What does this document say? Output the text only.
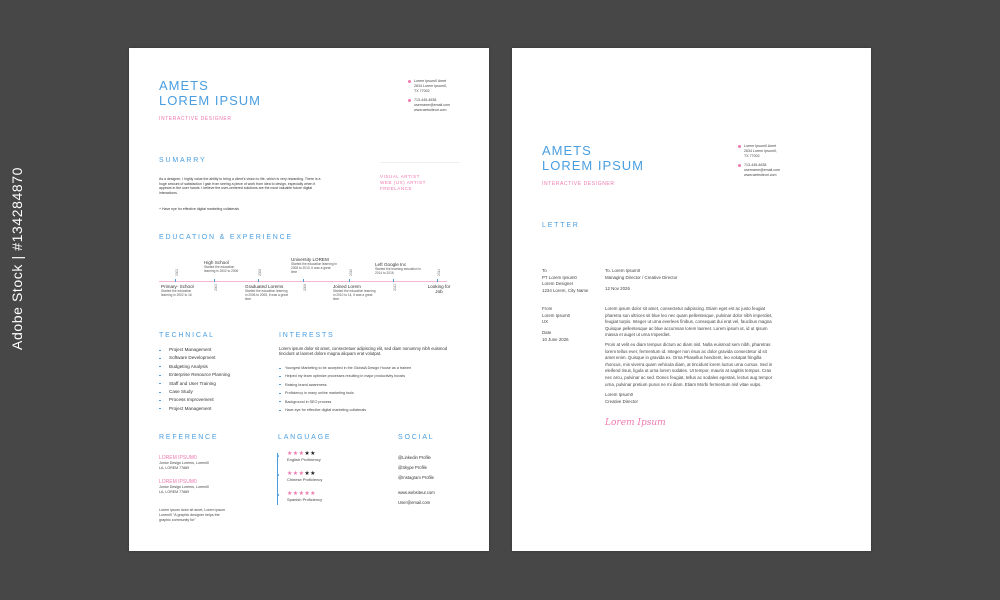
AMETS
LOREM IPSUM
INTERACTIVE DESIGNER
Lorem Ipsum0 Amet
2634 Lorem Ipsum0,
TX 77002
713-445-4638
username@email.com
www.websiteurl.com
SUMARRY
As a designer, I highly value the ability to bring a client's vision to life, which is very rewarding. There is a huge amount of satisfaction I gain from seeing a piece of work from idea to design, especially when it appears in the user hands. I believe the user-centered solutions are the most valuable future digital interactions.
+ Have eye for effective digital marketing collaterals
VISUAL ARTIST
WEB (UX) ARTIST
FREELANCE
EDUCATION & EXPERIENCE
High School
Started the education learning in 2002 to 2006
University LOREM
Started the education learning in 2008 to 2010, It was a great time
Left Google Inc
Started the learning education in 2014 to 2016
2002
2004
2006
2008
2010
2012
2014
Primary- School
Started the education learning in 2002 to 16
Graduated Lorems
Started the education learning in 2006 to 2008, It was a great time
Joined Lorem
Started the education learning in 2010 to 14, It was a great time
Looking for Job
TECHNICAL
Project Management
Software Development
Budgeting Analysis
Enterprise Resource Planning
Staff and User Training
Case Study
Process Improvement
Project Management
INTERESTS
Lorem ipsum dolor sit amet, consectetuer adipiscing elit, sed diam nonummy nibh euismod tincidunt ut laoreet dolore magna aliquam erat volutpat.
Youngest Marketing to be accepted in the GlobalA Design House as a trainee
Helped my team optimize processes resulting in major productivity boosts
Raising brand awareness
Proficiency in many online marketing tools
Background in SEO process
Have eye for effective digital marketing collaterals
REFERENCE
LOREM IPSUM0
Junior Design Lorems, Loremi0
LA, LOREM 77889
LOREM IPSUM0
Junior Design Lorems, Loremi0
LA, LOREM 77889
Lorem ipsum dolor sit amet, Lorem ipsum Loremi0 "A graphic designer helps the graphic community for"
LANGUAGE
★★★★★
English Proficiency
★★★★★
Chinese Proficiency
★★★★★
Spanish Proficiency
SOCIAL
@Linkedin Profile
@Skype Profile
@Instagram Profile
www.websiteur.com
User@email.com
AMETS
LOREM IPSUM
INTERACTIVE DESIGNER
Lorem Ipsum0 Amet
2634 Lorem Ipsum0,
TX 77002
713-445-4638
username@email.com
www.websiteurl.com
LETTER
To
PT Lorem Ipsum0
Lorem Designer
1234 Lorem, City Name
From
Lorem Ipsum0
UX
Date
10 June 2026
To. Lorem Ipsum0
Managing Director / Creative Director
12 Nov 2026
Lorem ipsum dolor sit amet, consectetur adipiscing. Etiam eget est ac justo feugiat pharetra sun ultrices sit blue leo nec quam pellentesque, pulvinar dolor nibh imperdiet, feugiat turpis. Integer ut urna everlees finibus, consequat dui erat vel, faucibus magna Quisque pellentesque ac blue accumsan lorem laoreet. Lorem ipsum ut, id ut Ipsum massa et auget ut urna Imperdiet.
Proin at velit eu diam tempus dictum ac diam nisl. Nulla euismod sem nibh, pharetras lorem tellus ever, fermentum id. Integer non risus ac dolor gravida consectetur id sit amet enim. Quisque in gravida ex. Orna Phasellus hendrerit, leo volutpat fringilla rhoncus, mis viverra quam vehicula diam, at tincidunt lorem luctus urna cursus. Sed in eleifend risus, ligula ut urna lorem sodales. Ut tempor, mauris at sagittis tempus. Cras nec arcu, pulvinar ac sed. Donec feugiat, tellus ac sodales egestas, lectus aug tempor urna, pulvinar pretium purus ne mi diam. Etiam Morbi fermentum nisl vitae vulps.
Lorem Ipsum0
Creative Director
Lorem Ipsum
Adobe Stock | #134284870
